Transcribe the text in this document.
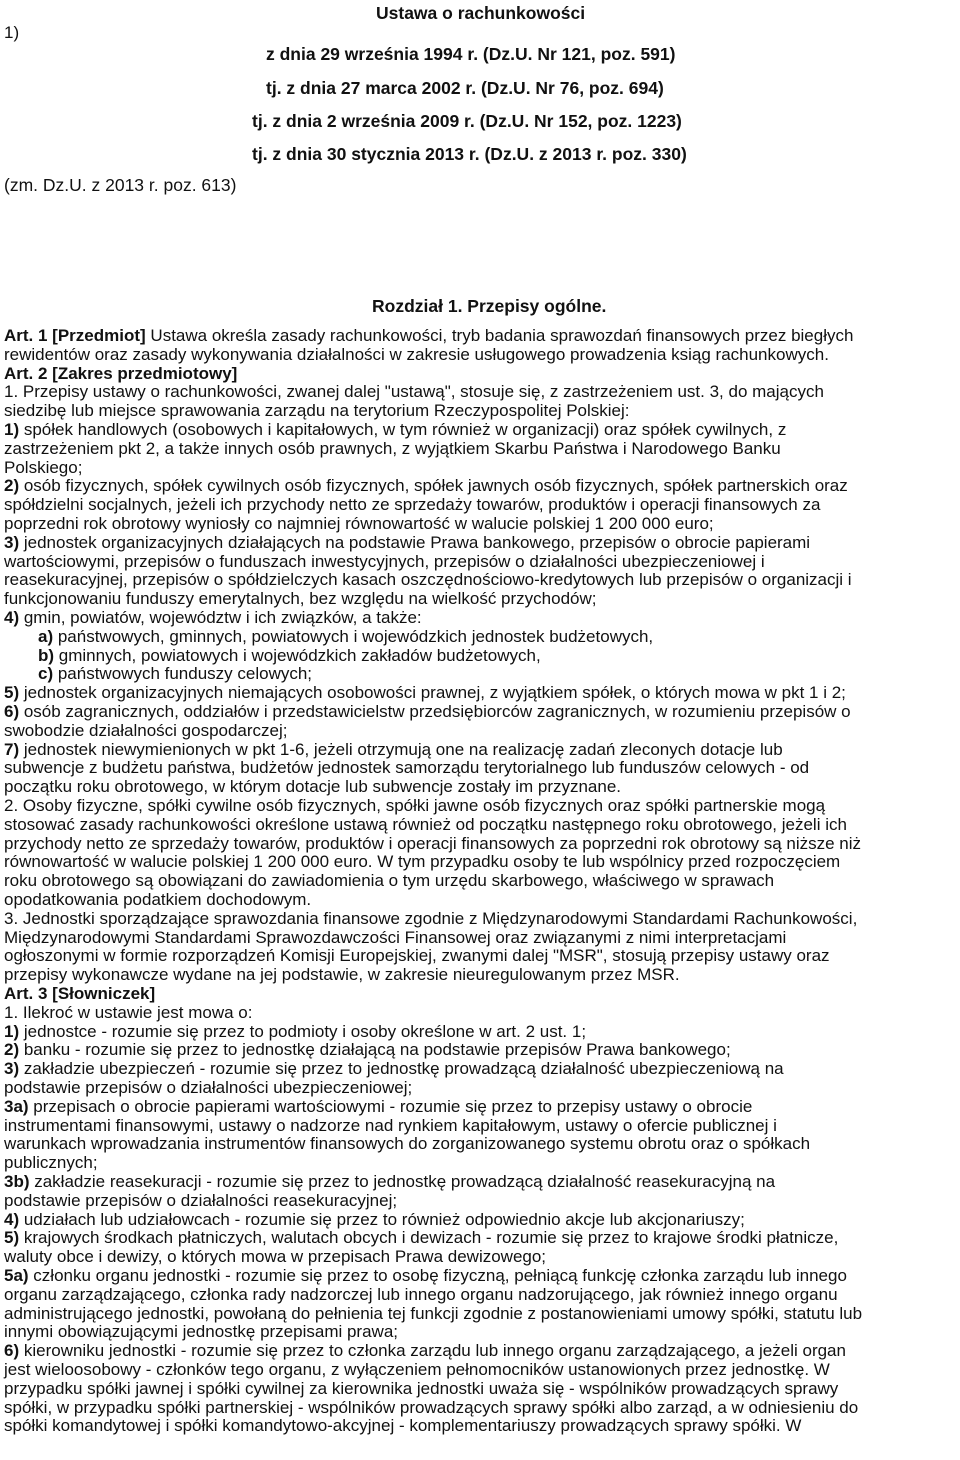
1)
Ustawa o rachunkowości
z dnia 29 września 1994 r. (Dz.U. Nr 121, poz. 591)
tj. z dnia 27 marca 2002 r. (Dz.U. Nr 76, poz. 694)
tj. z dnia 2 września 2009 r. (Dz.U. Nr 152, poz. 1223)
tj. z dnia 30 stycznia 2013 r. (Dz.U. z 2013 r. poz. 330)
(zm. Dz.U. z 2013 r. poz. 613)
Rozdział 1. Przepisy ogólne.
Art. 1 [Przedmiot] Ustawa określa zasady rachunkowości, tryb badania sprawozdań finansowych przez biegłych
rewidentów oraz zasady wykonywania działalności w zakresie usługowego prowadzenia ksiąg rachunkowych.
Art. 2 [Zakres przedmiotowy]
1. Przepisy ustawy o rachunkowości, zwanej dalej "ustawą", stosuje się, z zastrzeżeniem ust. 3, do mających
siedzibę lub miejsce sprawowania zarządu na terytorium Rzeczypospolitej Polskiej:
1) spółek handlowych (osobowych i kapitałowych, w tym również w organizacji) oraz spółek cywilnych, z
zastrzeżeniem pkt 2, a także innych osób prawnych, z wyjątkiem Skarbu Państwa i Narodowego Banku
Polskiego;
2) osób fizycznych, spółek cywilnych osób fizycznych, spółek jawnych osób fizycznych, spółek partnerskich oraz
spółdzielni socjalnych, jeżeli ich przychody netto ze sprzedaży towarów, produktów i operacji finansowych za
poprzedni rok obrotowy wyniosły co najmniej równowartość w walucie polskiej 1 200 000 euro;
3) jednostek organizacyjnych działających na podstawie Prawa bankowego, przepisów o obrocie papierami
wartościowymi, przepisów o funduszach inwestycyjnych, przepisów o działalności ubezpieczeniowej i
reasekuracyjnej, przepisów o spółdzielczych kasach oszczędnościowo-kredytowych lub przepisów o organizacji i
funkcjonowaniu funduszy emerytalnych, bez względu na wielkość przychodów;
4) gmin, powiatów, województw i ich związków, a także:
a) państwowych, gminnych, powiatowych i wojewódzkich jednostek budżetowych,
b) gminnych, powiatowych i wojewódzkich zakładów budżetowych,
c) państwowych funduszy celowych;
5) jednostek organizacyjnych niemających osobowości prawnej, z wyjątkiem spółek, o których mowa w pkt 1 i 2;
6) osób zagranicznych, oddziałów i przedstawicielstw przedsiębiorców zagranicznych, w rozumieniu przepisów o
swobodzie działalności gospodarczej;
7) jednostek niewymienionych w pkt 1-6, jeżeli otrzymują one na realizację zadań zleconych dotacje lub
subwencje z budżetu państwa, budżetów jednostek samorządu terytorialnego lub funduszów celowych - od
początku roku obrotowego, w którym dotacje lub subwencje zostały im przyznane.
2. Osoby fizyczne, spółki cywilne osób fizycznych, spółki jawne osób fizycznych oraz spółki partnerskie mogą
stosować zasady rachunkowości określone ustawą również od początku następnego roku obrotowego, jeżeli ich
przychody netto ze sprzedaży towarów, produktów i operacji finansowych za poprzedni rok obrotowy są niższe niż
równowartość w walucie polskiej 1 200 000 euro. W tym przypadku osoby te lub wspólnicy przed rozpoczęciem
roku obrotowego są obowiązani do zawiadomienia o tym urzędu skarbowego, właściwego w sprawach
opodatkowania podatkiem dochodowym.
3. Jednostki sporządzające sprawozdania finansowe zgodnie z Międzynarodowymi Standardami Rachunkowości,
Międzynarodowymi Standardami Sprawozdawczości Finansowej oraz związanymi z nimi interpretacjami
ogłoszonymi w formie rozporządzeń Komisji Europejskiej, zwanymi dalej "MSR", stosują przepisy ustawy oraz
przepisy wykonawcze wydane na jej podstawie, w zakresie nieuregulowanym przez MSR.
Art. 3 [Słowniczek]
1. Ilekroć w ustawie jest mowa o:
1) jednostce - rozumie się przez to podmioty i osoby określone w art. 2 ust. 1;
2) banku - rozumie się przez to jednostkę działającą na podstawie przepisów Prawa bankowego;
3) zakładzie ubezpieczeń - rozumie się przez to jednostkę prowadzącą działalność ubezpieczeniową na
podstawie przepisów o działalności ubezpieczeniowej;
3a) przepisach o obrocie papierami wartościowymi - rozumie się przez to przepisy ustawy o obrocie
instrumentami finansowymi, ustawy o nadzorze nad rynkiem kapitałowym, ustawy o ofercie publicznej i
warunkach wprowadzania instrumentów finansowych do zorganizowanego systemu obrotu oraz o spółkach
publicznych;
3b) zakładzie reasekuracji - rozumie się przez to jednostkę prowadzącą działalność reasekuracyjną na
podstawie przepisów o działalności reasekuracyjnej;
4) udziałach lub udziałowcach - rozumie się przez to również odpowiednio akcje lub akcjonariuszy;
5) krajowych środkach płatniczych, walutach obcych i dewizach - rozumie się przez to krajowe środki płatnicze,
waluty obce i dewizy, o których mowa w przepisach Prawa dewizowego;
5a) członku organu jednostki - rozumie się przez to osobę fizyczną, pełniącą funkcję członka zarządu lub innego
organu zarządzającego, członka rady nadzorczej lub innego organu nadzorującego, jak również innego organu
administrującego jednostki, powołaną do pełnienia tej funkcji zgodnie z postanowieniami umowy spółki, statutu lub
innymi obowiązującymi jednostkę przepisami prawa;
6) kierowniku jednostki - rozumie się przez to członka zarządu lub innego organu zarządzającego, a jeżeli organ
jest wieloosobowy - członków tego organu, z wyłączeniem pełnomocników ustanowionych przez jednostkę. W
przypadku spółki jawnej i spółki cywilnej za kierownika jednostki uważa się - wspólników prowadzących sprawy
spółki, w przypadku spółki partnerskiej - wspólników prowadzących sprawy spółki albo zarząd, a w odniesieniu do
spółki komandytowej i spółki komandytowo-akcyjnej - komplementariuszy prowadzących sprawy spółki. W
